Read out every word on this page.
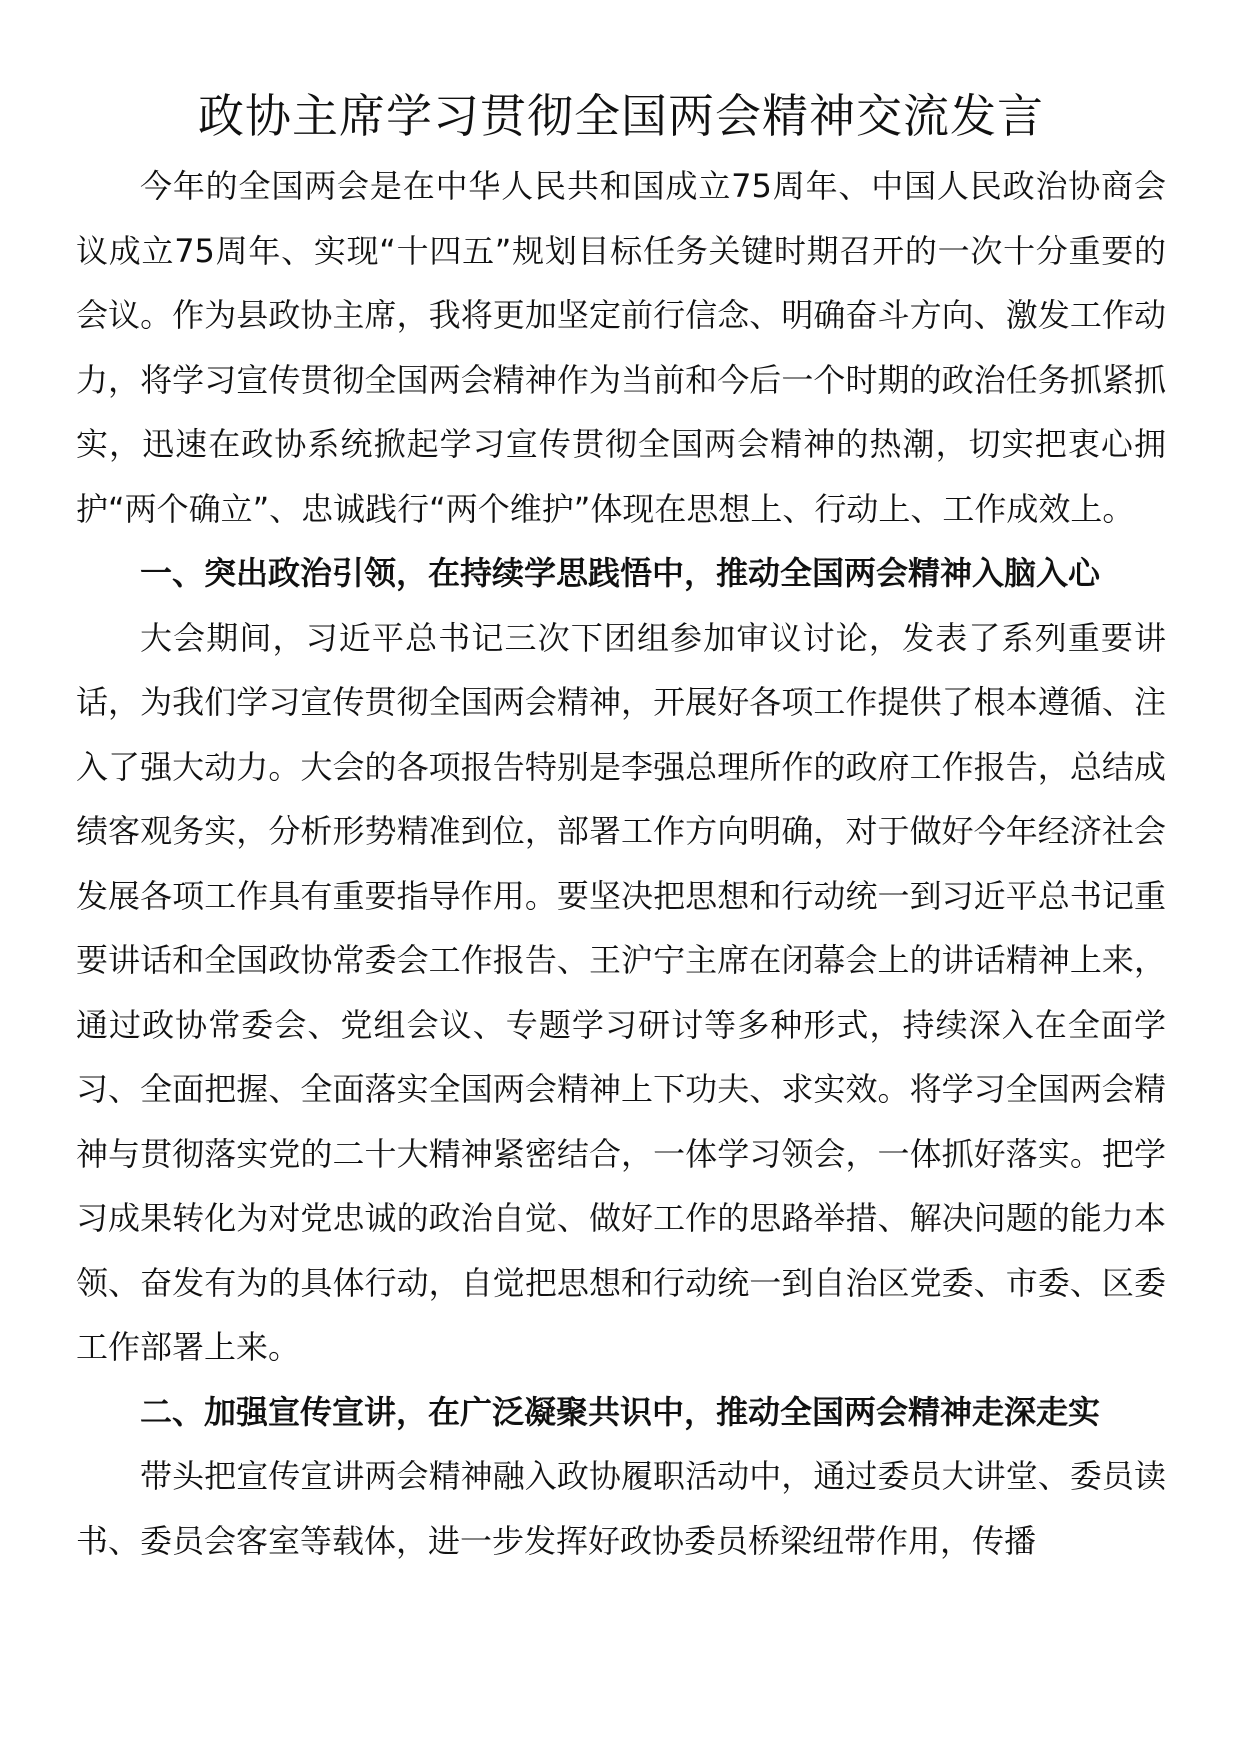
政协主席学习贯彻全国两会精神交流发言

今年的全国两会是在中华人民共和国成立75周年、中国人民政治协商会议成立75周年、实现“十四五”规划目标任务关键时期召开的一次十分重要的会议。作为县政协主席，我将更加坚定前行信念、明确奋斗方向、激发工作动力，将学习宣传贯彻全国两会精神作为当前和今后一个时期的政治任务抓紧抓实，迅速在政协系统掀起学习宣传贯彻全国两会精神的热潮，切实把衷心拥护“两个确立”、忠诚践行“两个维护”体现在思想上、行动上、工作成效上。

一、突出政治引领，在持续学思践悟中，推动全国两会精神入脑入心

大会期间，习近平总书记三次下团组参加审议讨论，发表了系列重要讲话，为我们学习宣传贯彻全国两会精神，开展好各项工作提供了根本遵循、注入了强大动力。大会的各项报告特别是李强总理所作的政府工作报告，总结成绩客观务实，分析形势精准到位，部署工作方向明确，对于做好今年经济社会发展各项工作具有重要指导作用。要坚决把思想和行动统一到习近平总书记重要讲话和全国政协常委会工作报告、王沪宁主席在闭幕会上的讲话精神上来，通过政协常委会、党组会议、专题学习研讨等多种形式，持续深入在全面学习、全面把握、全面落实全国两会精神上下功夫、求实效。将学习全国两会精神与贯彻落实党的二十大精神紧密结合，一体学习领会，一体抓好落实。把学习成果转化为对党忠诚的政治自觉、做好工作的思路举措、解决问题的能力本领、奋发有为的具体行动，自觉把思想和行动统一到自治区党委、市委、区委工作部署上来。

二、加强宣传宣讲，在广泛凝聚共识中，推动全国两会精神走深走实

带头把宣传宣讲两会精神融入政协履职活动中，通过委员大讲堂、委员读书、委员会客室等载体，进一步发挥好政协委员桥梁纽带作用，传播
